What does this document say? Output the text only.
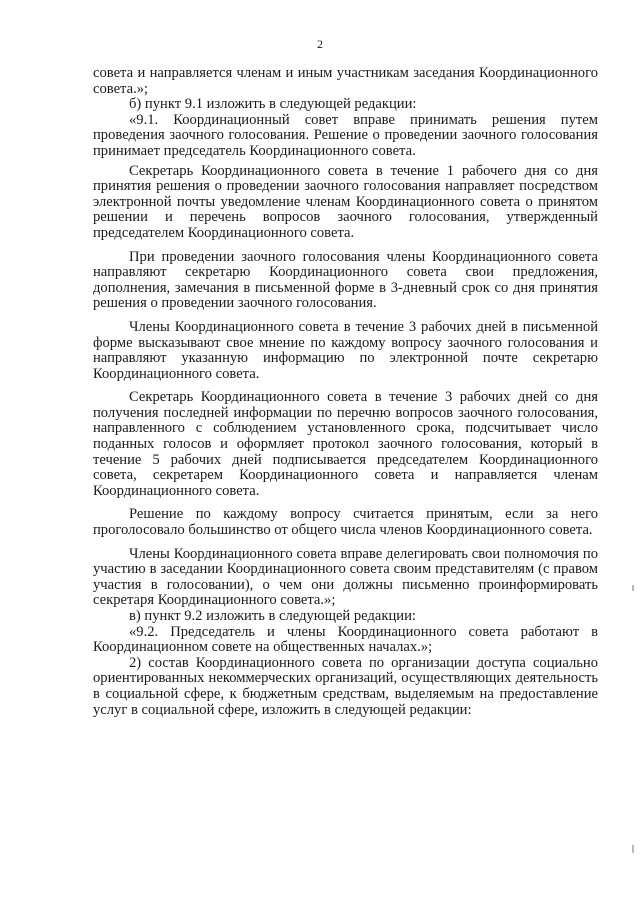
2

совета и направляется членам и иным участникам заседания Координационного совета.»;

б) пункт 9.1 изложить в следующей редакции:

«9.1. Координационный совет вправе принимать решения путем проведения заочного голосования. Решение о проведении заочного голосования принимает председатель Координационного совета.

Секретарь Координационного совета в течение 1 рабочего дня со дня принятия решения о проведении заочного голосования направляет посредством электронной почты уведомление членам Координационного совета о принятом решении и перечень вопросов заочного голосования, утвержденный председателем Координационного совета.

При проведении заочного голосования члены Координационного совета направляют секретарю Координационного совета свои предложения, дополнения, замечания в письменной форме в 3-дневный срок со дня принятия решения о проведении заочного голосования.

Члены Координационного совета в течение 3 рабочих дней в письменной форме высказывают свое мнение по каждому вопросу заочного голосования и направляют указанную информацию по электронной почте секретарю Координационного совета.

Секретарь Координационного совета в течение 3 рабочих дней со дня получения последней информации по перечню вопросов заочного голосования, направленного с соблюдением установленного срока, подсчитывает число поданных голосов и оформляет протокол заочного голосования, который в течение 5 рабочих дней подписывается председателем Координационного совета, секретарем Координационного совета и направляется членам Координационного совета.

Решение по каждому вопросу считается принятым, если за него проголосовало большинство от общего числа членов Координационного совета.

Члены Координационного совета вправе делегировать свои полномочия по участию в заседании Координационного совета своим представителям (с правом участия в голосовании), о чем они должны письменно проинформировать секретаря Координационного совета.»;

в) пункт 9.2 изложить в следующей редакции:

«9.2. Председатель и члены Координационного совета работают в Координационном совете на общественных началах.»;

2) состав Координационного совета по организации доступа социально ориентированных некоммерческих организаций, осуществляющих деятельность в социальной сфере, к бюджетным средствам, выделяемым на предоставление услуг в социальной сфере, изложить в следующей редакции:
